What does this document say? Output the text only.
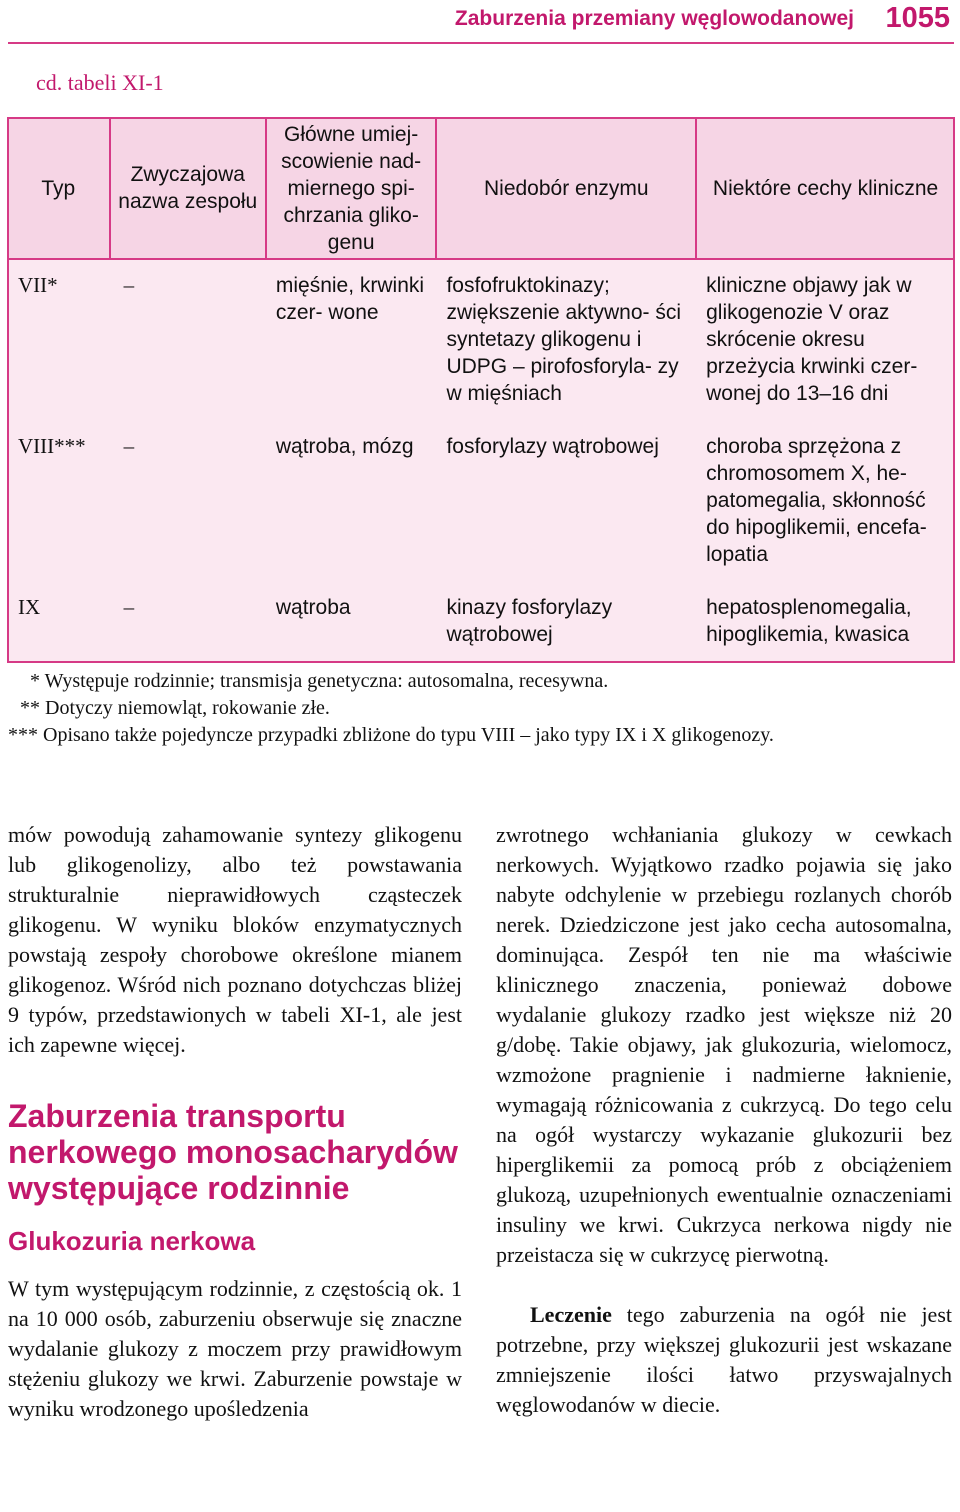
Zaburzenia przemiany węglowodanowej 1055
cd. tabeli XI-1
Typ	Zwyczajowa nazwa zespołu	Główne umiej- scowienie nad- miernego spi- chrzania gliko- genu	Niedobór enzymu	Niektóre cechy kliniczne
VII*	–	mięśnie, krwinki czer- wone	fosfofruktokinazy; zwiększenie aktywno- ści syntetazy glikogenu i UDPG – pirofosforyla- zy w mięśniach	kliniczne objawy jak w glikogenozie V oraz skrócenie okresu przeżycia krwinki czer- wonej do 13–16 dni
VIII***	–	wątroba, mózg	fosforylazy wątrobowej	choroba sprzężona z chromosomem X, he- patomegalia, skłonność do hipoglikemii, encefa- lopatia
IX	–	wątroba	kinazy fosforylazy wątrobowej	hepatosplenomegalia, hipoglikemia, kwasica
* Występuje rodzinnie; transmisja genetyczna: autosomalna, recesywna.
** Dotyczy niemowląt, rokowanie złe.
*** Opisano także pojedyncze przypadki zbliżone do typu VIII – jako typy IX i X glikogenozy.

mów powodują zahamowanie syntezy glikogenu lub glikogenolizy, albo też powstawania strukturalnie nieprawidłowych cząsteczek glikogenu. W wyniku bloków enzymatycznych powstają zespoły chorobowe określone mianem glikogenoz. Wśród nich poznano dotychczas bliżej 9 typów, przedstawionych w tabeli XI-1, ale jest ich zapewne więcej.

Zaburzenia transportu nerkowego monosacharydów występujące rodzinnie
Glukozuria nerkowa

W tym występującym rodzinnie, z częstością ok. 1 na 10 000 osób, zaburzeniu obserwuje się znaczne wydalanie glukozy z moczem przy prawidłowym stężeniu glukozy we krwi. Zaburzenie powstaje w wyniku wrodzonego upośledzenia

zwrotnego wchłaniania glukozy w cewkach nerkowych. Wyjątkowo rzadko pojawia się jako nabyte odchylenie w przebiegu rozlanych chorób nerek. Dziedziczone jest jako cecha autosomalna, dominująca. Zespół ten nie ma właściwie klinicznego znaczenia, ponieważ dobowe wydalanie glukozy rzadko jest większe niż 20 g/dobę. Takie objawy, jak glukozuria, wielomocz, wzmożone pragnienie i nadmierne łaknienie, wymagają różnicowania z cukrzycą. Do tego celu na ogół wystarczy wykazanie glukozurii bez hiperglikemii za pomocą prób z obciążeniem glukozą, uzupełnionych ewentualnie oznaczeniami insuliny we krwi. Cukrzyca nerkowa nigdy nie przeistacza się w cukrzycę pierwotną.

Leczenie tego zaburzenia na ogół nie jest potrzebne, przy większej glukozurii jest wskazane zmniejszenie ilości łatwo przyswajalnych węglowodanów w diecie.
